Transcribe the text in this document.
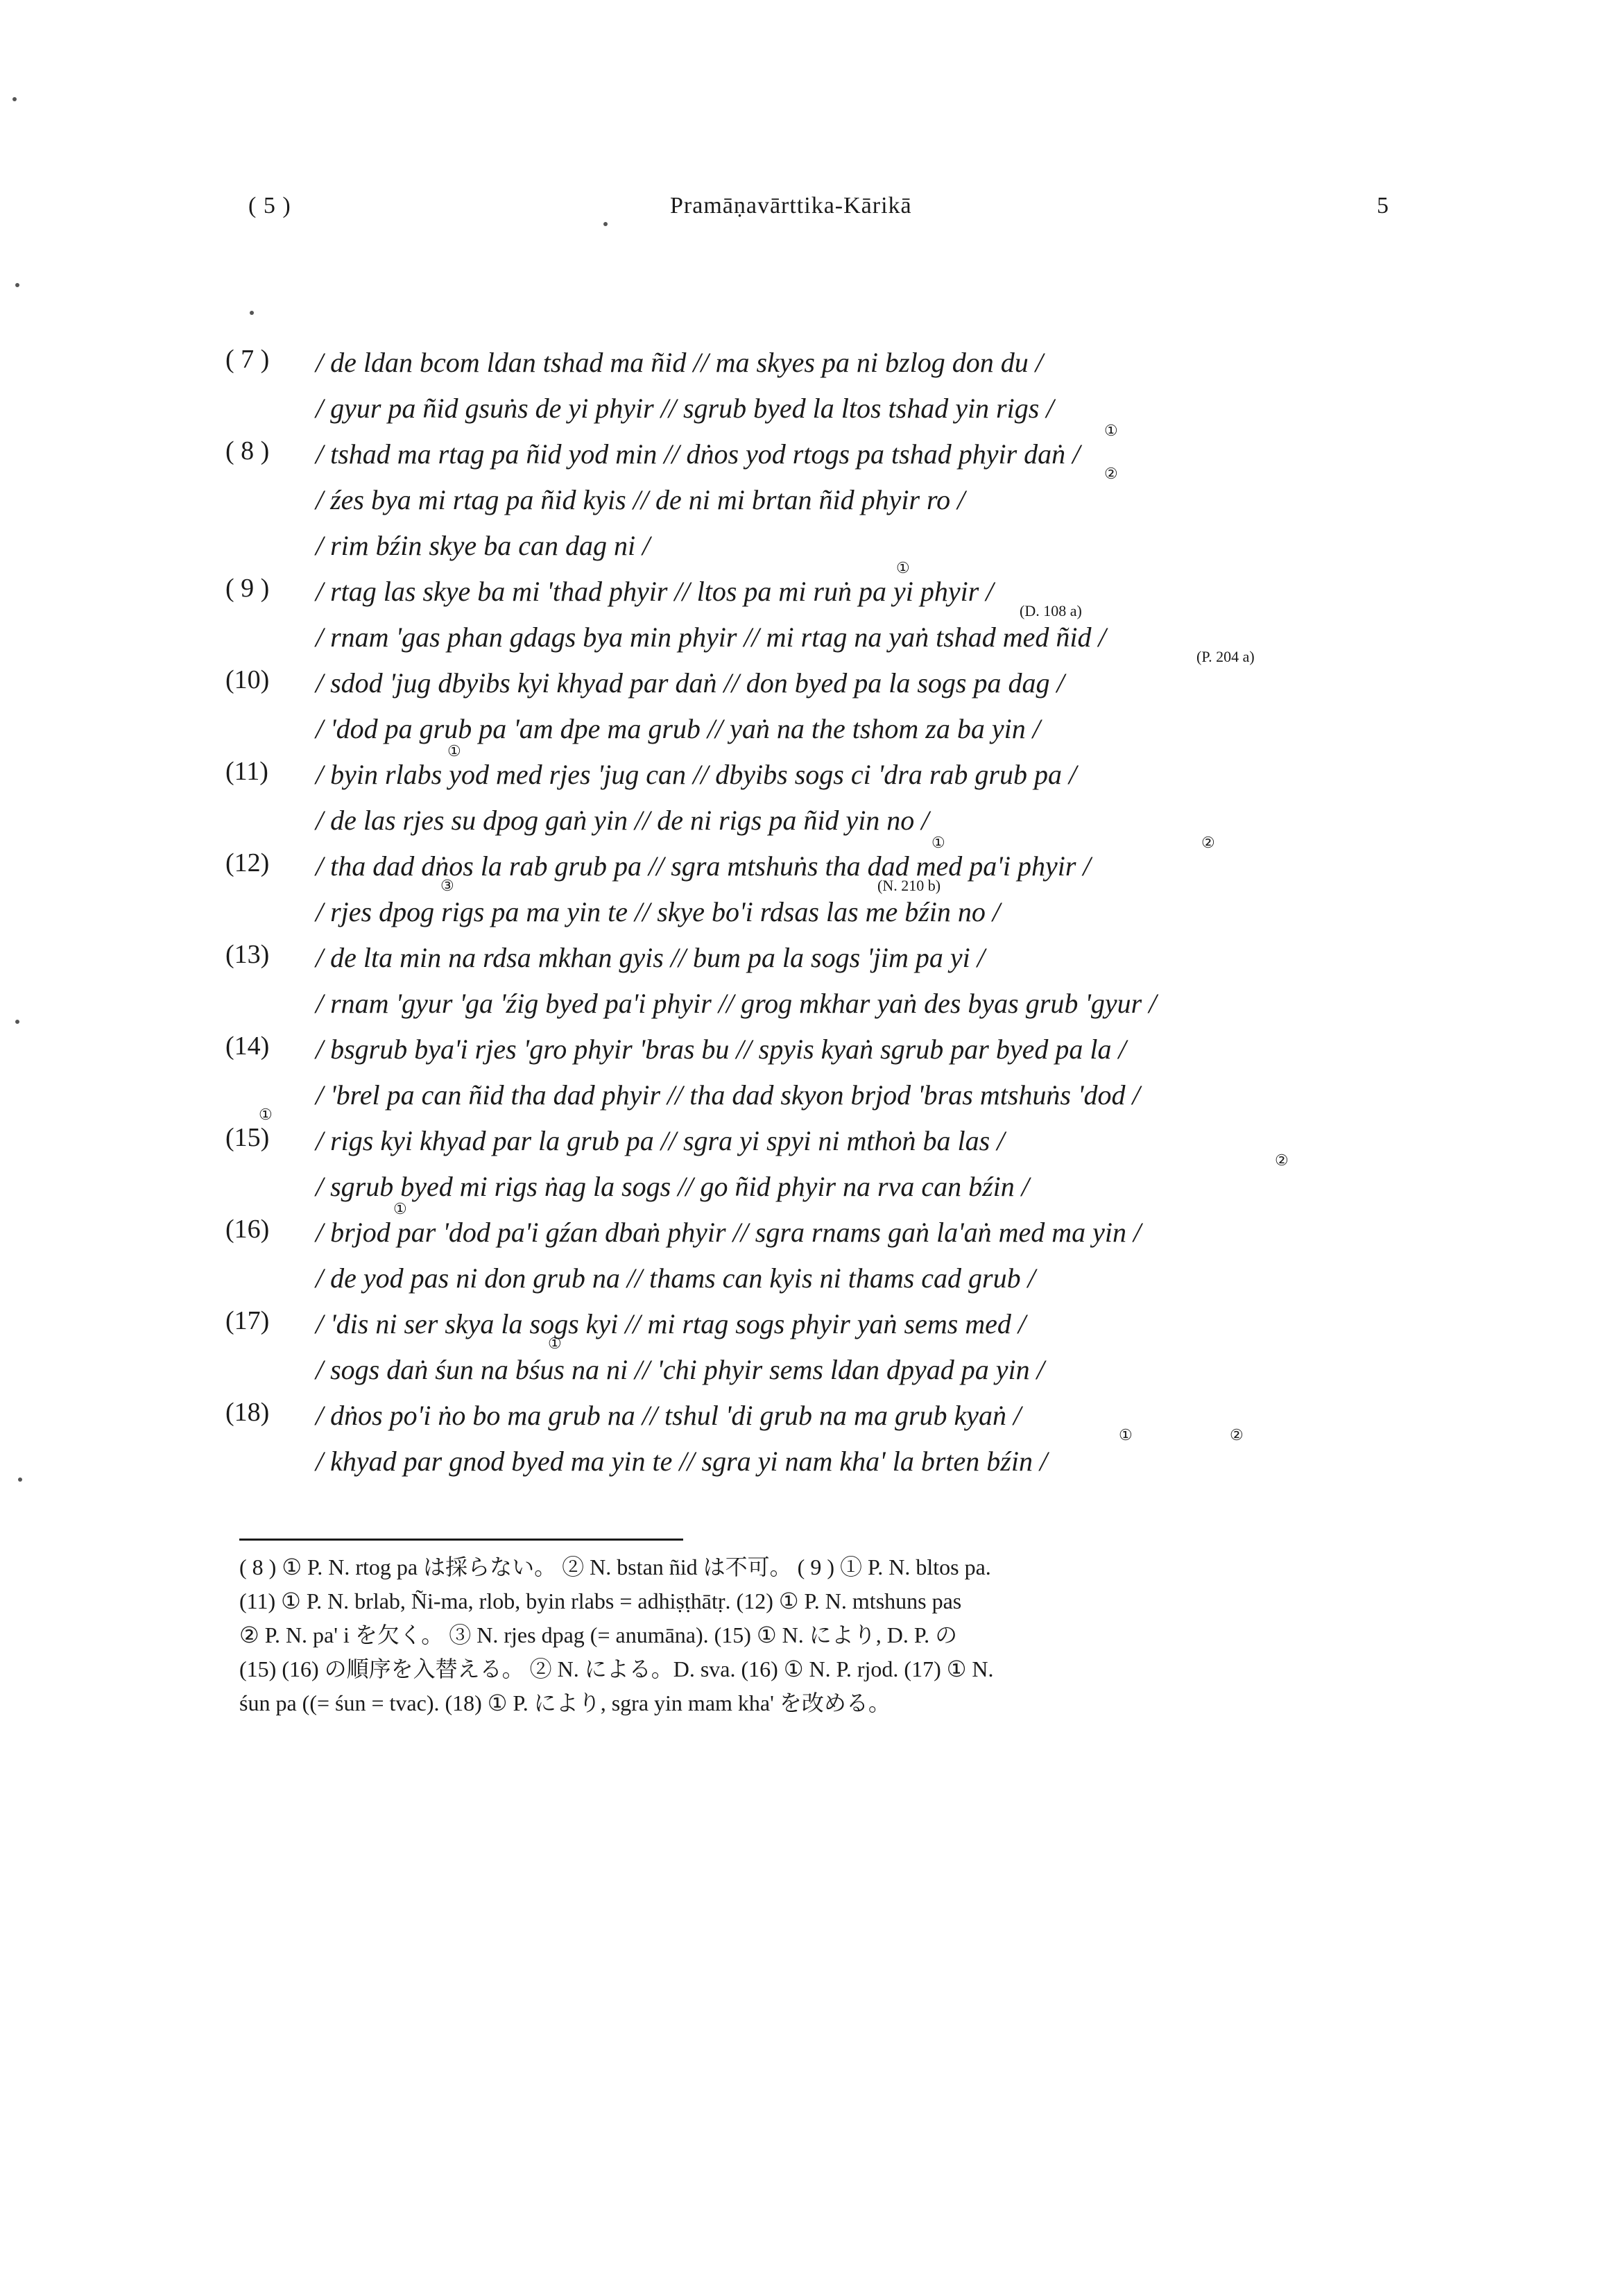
( 5 )	Pramāṇavārttika-Kārikā	5
( 7 )	/ de ldan bcom ldan tshad ma ñid // ma skyes pa ni bzlog don du /
/ gyur pa ñid gsuṅs de yi phyir // sgrub byed la ltos tshad yin rigs /
( 8 )	/ tshad ma rtag pa ñid yod min // dṅos yod rtogs pa tshad phyir daṅ /
①
②
/ źes bya mi rtag pa ñid kyis // de ni mi brtan ñid phyir ro /
/ rim bźin skye ba can dag ni /
( 9 )	/ rtag las skye ba mi 'thad phyir // ltos pa mi ruṅ pa yi phyir /
①
(D. 108 a)
/ rnam 'gas phan gdags bya min phyir // mi rtag na yaṅ tshad med ñid /
(P. 204 a)
(10)	/ sdod 'jug dbyibs kyi khyad par daṅ // don byed pa la sogs pa dag /
/ 'dod pa grub pa 'am dpe ma grub // yaṅ na the tshom za ba yin /
(11)	/ byin rlabs yod med rjes 'jug can // dbyibs sogs ci 'dra rab grub pa /
①
/ de las rjes su dpog gaṅ yin // de ni rigs pa ñid yin no /
(12)	/ tha dad dṅos la rab grub pa // sgra mtshuṅs tha dad med pa'i phyir /
①	②
(N. 210 b)
③
/ rjes dpog rigs pa ma yin te // skye bo'i rdsas las me bźin no /
(13)	/ de lta min na rdsa mkhan gyis // bum pa la sogs 'jim pa yi /
/ rnam 'gyur 'ga 'źig byed pa'i phyir // grog mkhar yaṅ des byas grub 'gyur /
(14)	/ bsgrub bya'i rjes 'gro phyir 'bras bu // spyis kyaṅ sgrub par byed pa la /
/ 'brel pa can ñid tha dad phyir // tha dad skyon brjod 'bras mtshuṅs 'dod /
(15)
①
/ rigs kyi khyad par la grub pa // sgra yi spyi ni mthoṅ ba las /
②
/ sgrub byed mi rigs ṅag la sogs // go ñid phyir na rva can bźin /
(16)	/ brjod par 'dod pa'i gźan dbaṅ phyir // sgra rnams gaṅ la'aṅ med ma yin /
①
/ de yod pas ni don grub na // thams can kyis ni thams cad grub /
(17)	/ 'dis ni ser skya la sogs kyi // mi rtag sogs phyir yaṅ sems med /
①
/ sogs daṅ śun na bśus na ni // 'chi phyir sems ldan dpyad pa yin /
(18)	/ dṅos po'i ṅo bo ma grub na // tshul 'di grub na ma grub kyaṅ /
①	②
/ khyad par gnod byed ma yin te // sgra yi nam kha' la brten bźin /
( 8 ) ① P. N. rtog pa は採らない。 ② N. bstan ñid は不可。 ( 9 ) ① P. N. bltos pa.
(11) ① P. N. brlab, Ñi-ma, rlob, byin rlabs = adhiṣṭhātṛ. (12) ① P. N. mtshuns pas
② P. N. pa' i を欠く。 ③ N. rjes dpag (= anumāna). (15) ① N. により, D. P. の
(15) (16) の順序を入替える。 ② N. による。D. sva. (16) ① N. P. rjod. (17) ① N.
śun pa ((= śun = tvac). (18) ① P. により, sgra yin mam kha' を改める。
